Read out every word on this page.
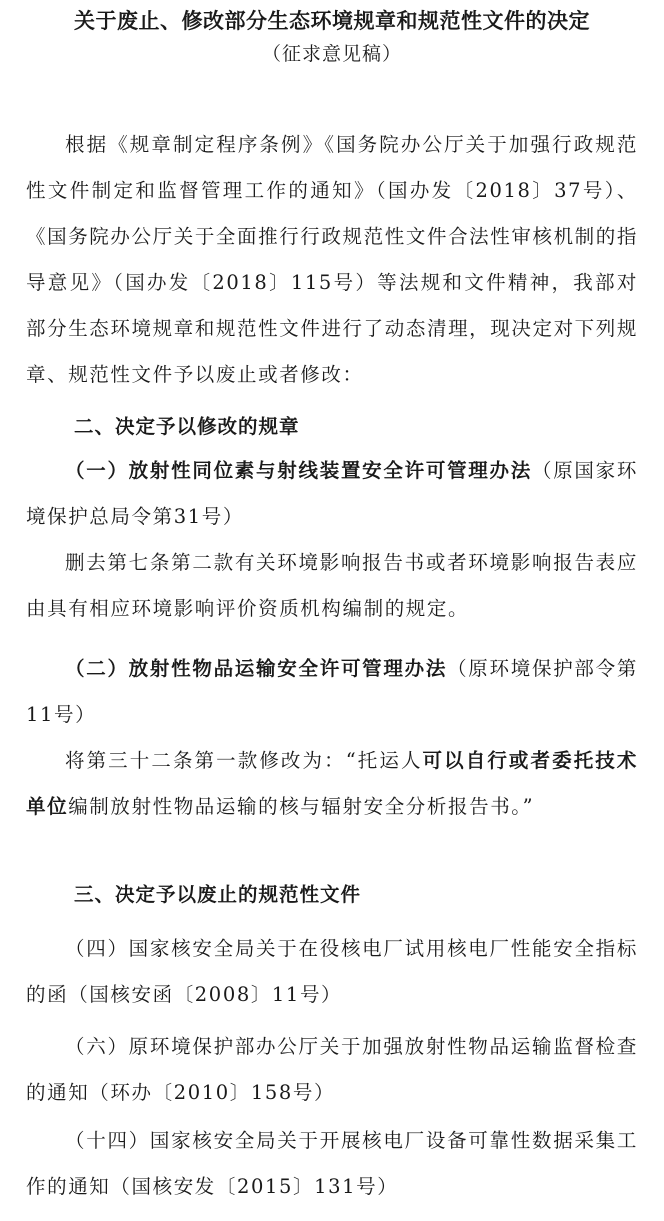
关于废止、修改部分生态环境规章和规范性文件的决定
（征求意见稿）

根据《规章制定程序条例》《国务院办公厅关于加强行政规范性文件制定和监督管理工作的通知》（国办发〔2018〕37号）、《国务院办公厅关于全面推行行政规范性文件合法性审核机制的指导意见》（国办发〔2018〕115号）等法规和文件精神，我部对部分生态环境规章和规范性文件进行了动态清理，现决定对下列规章、规范性文件予以废止或者修改：

二、决定予以修改的规章

（一）放射性同位素与射线装置安全许可管理办法（原国家环境保护总局令第31号）

删去第七条第二款有关环境影响报告书或者环境影响报告表应由具有相应环境影响评价资质机构编制的规定。

（二）放射性物品运输安全许可管理办法（原环境保护部令第11号）

将第三十二条第一款修改为：“托运人可以自行或者委托技术单位编制放射性物品运输的核与辐射安全分析报告书。”

三、决定予以废止的规范性文件

（四）国家核安全局关于在役核电厂试用核电厂性能安全指标的函（国核安函〔2008〕11号）

（六）原环境保护部办公厅关于加强放射性物品运输监督检查的通知（环办〔2010〕158号）

（十四）国家核安全局关于开展核电厂设备可靠性数据采集工作的通知（国核安发〔2015〕131号）
